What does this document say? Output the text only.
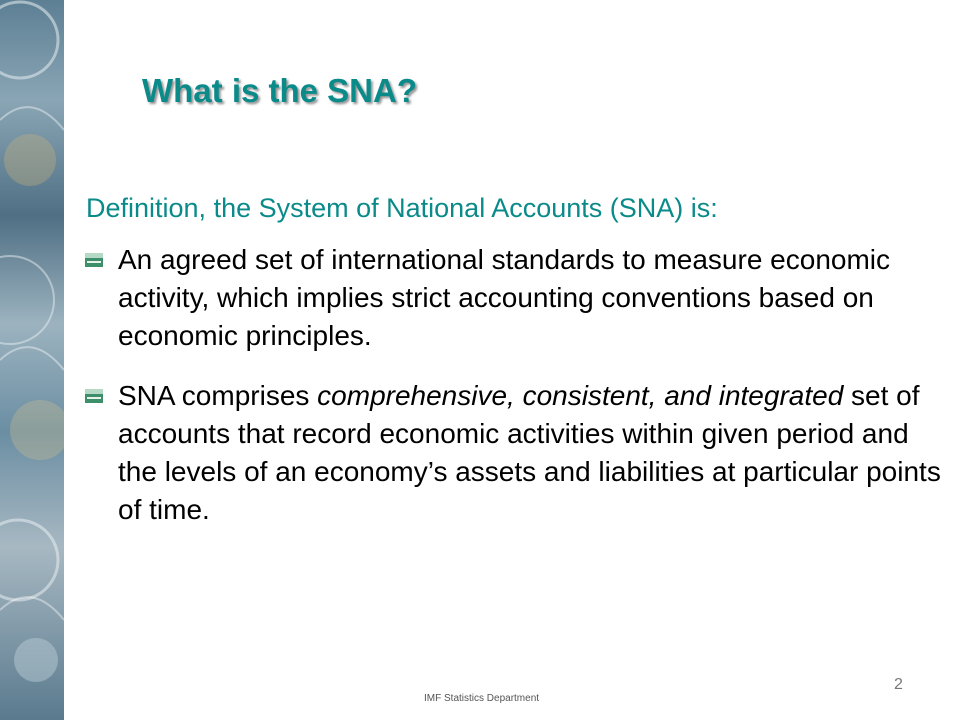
What is the SNA?

Definition, the System of National Accounts (SNA) is:

An agreed set of international standards to measure economic activity, which implies strict accounting conventions based on economic principles.
SNA comprises comprehensive, consistent, and integrated set of accounts that record economic activities within given period and the levels of an economy’s assets and liabilities at particular points of time.
IMF Statistics Department
2
